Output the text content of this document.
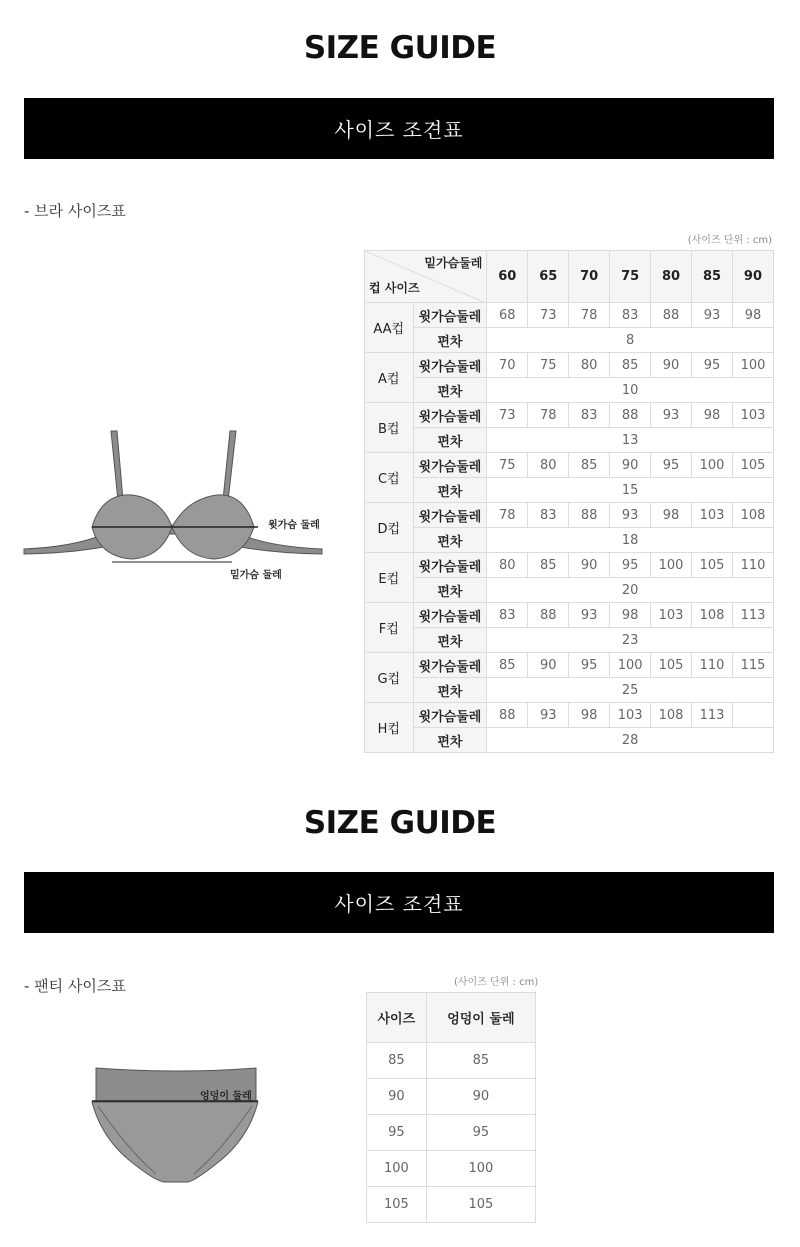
SIZE GUIDE
사이즈 조견표
- 브라 사이즈표
(사이즈 단위 : cm)
윗가슴 둘레
밑가슴 둘레
밑가슴둘레
컵 사이즈		60	65	70	75	80	85	90
AA컵	윗가슴둘레	68	73	78	83	88	93	98
	편차	8						
A컵	윗가슴둘레	70	75	80	85	90	95	100
	편차	10						
B컵	윗가슴둘레	73	78	83	88	93	98	103
	편차	13						
C컵	윗가슴둘레	75	80	85	90	95	100	105
	편차	15						
D컵	윗가슴둘레	78	83	88	93	98	103	108
	편차	18						
E컵	윗가슴둘레	80	85	90	95	100	105	110
	편차	20						
F컵	윗가슴둘레	83	88	93	98	103	108	113
	편차	23						
G컵	윗가슴둘레	85	90	95	100	105	110	115
	편차	25						
H컵	윗가슴둘레	88	93	98	103	108	113	
	편차	28						
SIZE GUIDE
사이즈 조견표
- 팬티 사이즈표	(사이즈 단위 : cm)
엉덩이 둘레
사이즈	엉덩이 둘레
85	85
90	90
95	95
100	100
105	105
